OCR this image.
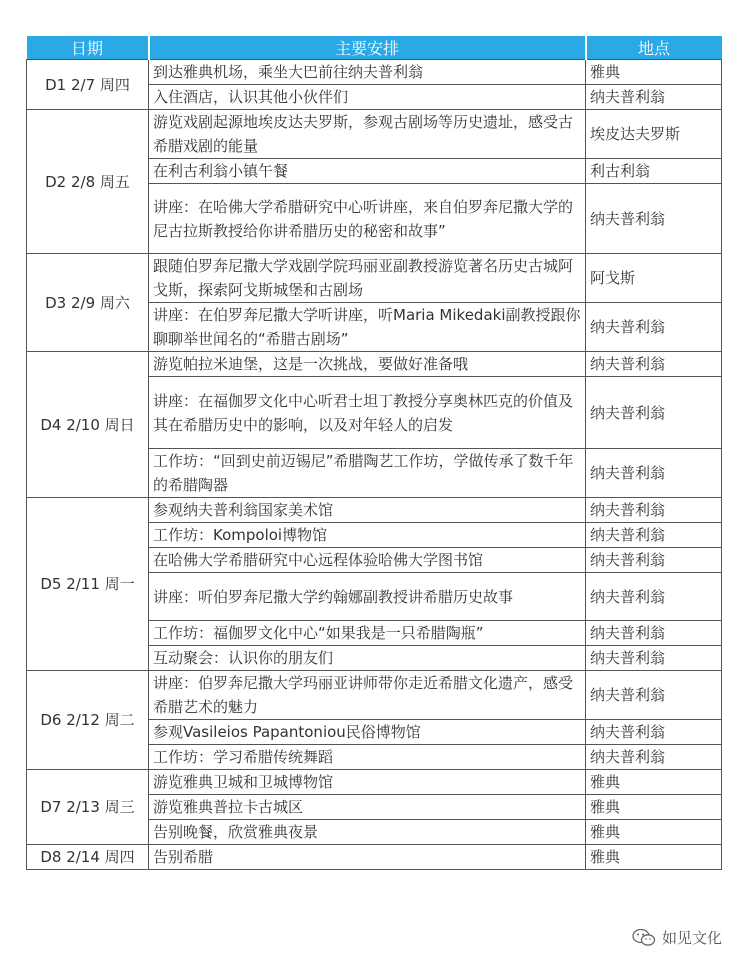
日期	主要安排	地点
D1 2/7 周四	到达雅典机场，乘坐大巴前往纳夫普利翁	雅典
	入住酒店，认识其他小伙伴们	纳夫普利翁
D2 2/8 周五	游览戏剧起源地埃皮达夫罗斯，参观古剧场等历史遗址，感受古希腊戏剧的能量	埃皮达夫罗斯
	在利古利翁小镇午餐	利古利翁
	讲座：在哈佛大学希腊研究中心听讲座，来自伯罗奔尼撒大学的尼古拉斯教授给你讲希腊历史的秘密和故事”	纳夫普利翁
D3 2/9 周六	跟随伯罗奔尼撒大学戏剧学院玛丽亚副教授游览著名历史古城阿戈斯，探索阿戈斯城堡和古剧场	阿戈斯
	讲座：在伯罗奔尼撒大学听讲座，听Maria Mikedaki副教授跟你聊聊举世闻名的“希腊古剧场”	纳夫普利翁
D4 2/10 周日	游览帕拉米迪堡，这是一次挑战，要做好准备哦	纳夫普利翁
	讲座：在福伽罗文化中心听君士坦丁教授分享奥林匹克的价值及其在希腊历史中的影响，以及对年轻人的启发	纳夫普利翁
	工作坊：“回到史前迈锡尼”希腊陶艺工作坊，学做传承了数千年的希腊陶器	纳夫普利翁
D5 2/11 周一	参观纳夫普利翁国家美术馆	纳夫普利翁
	工作坊：Kompoloi博物馆	纳夫普利翁
	在哈佛大学希腊研究中心远程体验哈佛大学图书馆	纳夫普利翁
	讲座：听伯罗奔尼撒大学约翰娜副教授讲希腊历史故事	纳夫普利翁
	工作坊：福伽罗文化中心“如果我是一只希腊陶瓶”	纳夫普利翁
	互动聚会：认识你的朋友们	纳夫普利翁
D6 2/12 周二	讲座：伯罗奔尼撒大学玛丽亚讲师带你走近希腊文化遗产，感受希腊艺术的魅力	纳夫普利翁
	参观Vasileios Papantoniou民俗博物馆	纳夫普利翁
	工作坊：学习希腊传统舞蹈	纳夫普利翁
D7 2/13 周三	游览雅典卫城和卫城博物馆	雅典
	游览雅典普拉卡古城区	雅典
	告别晚餐，欣赏雅典夜景	雅典
D8 2/14 周四	告别希腊	雅典
如见文化
